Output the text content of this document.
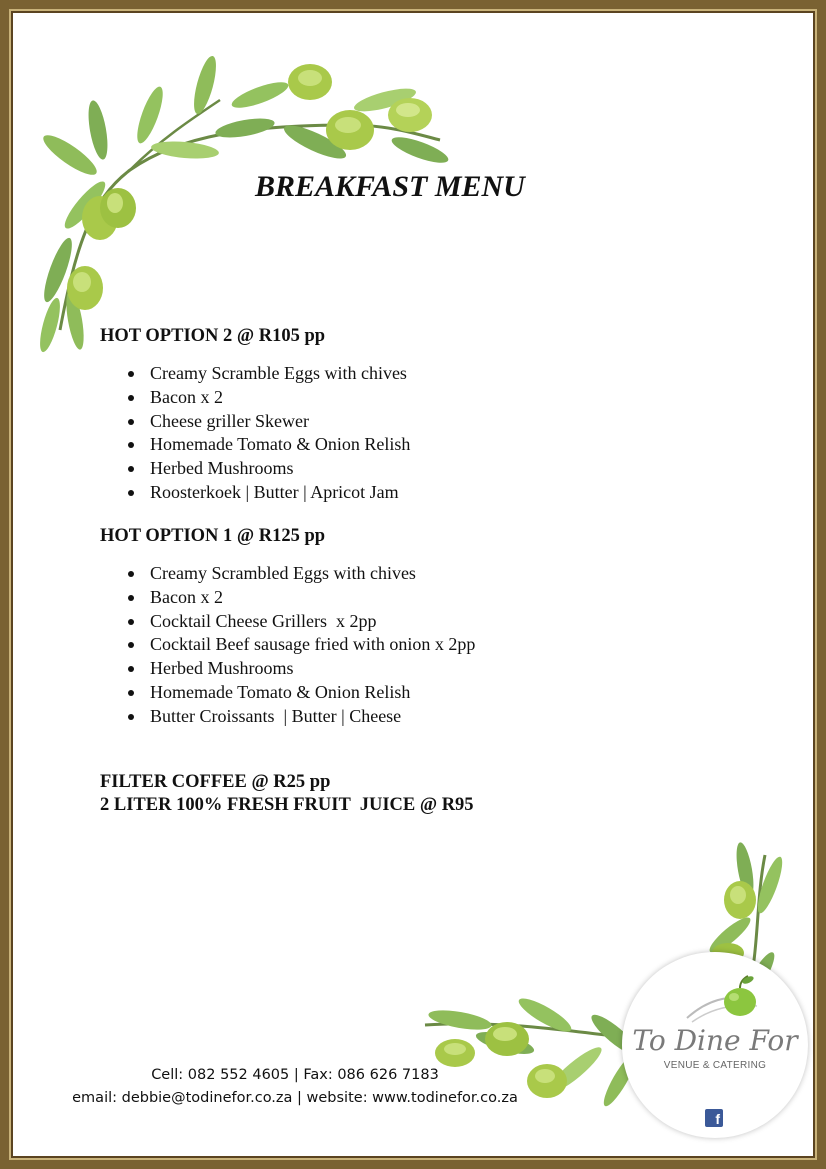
BREAKFAST MENU
HOT OPTION 2 @ R105 pp
Creamy Scramble Eggs with chives
Bacon x 2
Cheese griller Skewer
Homemade Tomato & Onion Relish
Herbed Mushrooms
Roosterkoek | Butter | Apricot Jam
HOT OPTION 1 @ R125 pp
Creamy Scrambled Eggs with chives
Bacon x 2
Cocktail Cheese Grillers  x 2pp
Cocktail Beef sausage fried with onion x 2pp
Herbed Mushrooms
Homemade Tomato & Onion Relish
Butter Croissants  | Butter | Cheese

FILTER COFFEE @ R25 pp

2 LITER 100% FRESH FRUIT  JUICE @ R95

To Dine For
VENUE & CATERING
f
Cell: 082 552 4605 | Fax: 086 626 7183
email: debbie@todinefor.co.za | website: www.todinefor.co.za
